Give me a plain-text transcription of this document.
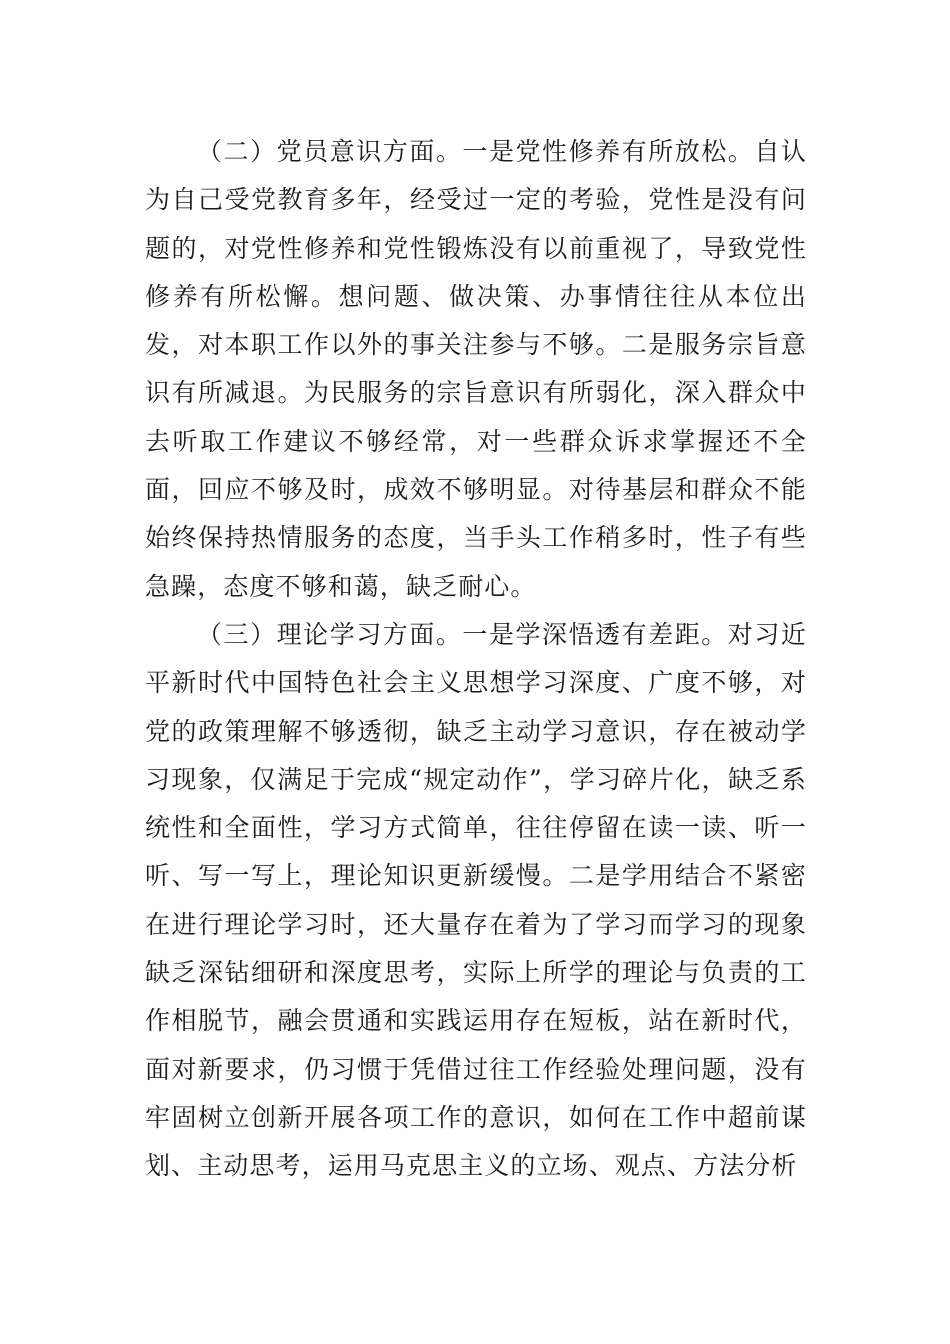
（二）党员意识方面。一是党性修养有所放松。自认为自己受党教育多年，经受过一定的考验，党性是没有问题的，对党性修养和党性锻炼没有以前重视了，导致党性修养有所松懈。想问题、做决策、办事情往往从本位出发，对本职工作以外的事关注参与不够。二是服务宗旨意识有所减退。为民服务的宗旨意识有所弱化，深入群众中去听取工作建议不够经常，对一些群众诉求掌握还不全面，回应不够及时，成效不够明显。对待基层和群众不能始终保持热情服务的态度，当手头工作稍多时，性子有些急躁，态度不够和蔼，缺乏耐心。

（三）理论学习方面。一是学深悟透有差距。对习近平新时代中国特色社会主义思想学习深度、广度不够，对党的政策理解不够透彻，缺乏主动学习意识，存在被动学习现象，仅满足于完成“规定动作”，学习碎片化，缺乏系统性和全面性，学习方式简单，往往停留在读一读、听一听、写一写上，理论知识更新缓慢。二是学用结合不紧密在进行理论学习时，还大量存在着为了学习而学习的现象缺乏深钻细研和深度思考，实际上所学的理论与负责的工作相脱节，融会贯通和实践运用存在短板，站在新时代，面对新要求，仍习惯于凭借过往工作经验处理问题，没有牢固树立创新开展各项工作的意识，如何在工作中超前谋划、主动思考，运用马克思主义的立场、观点、方法分析
